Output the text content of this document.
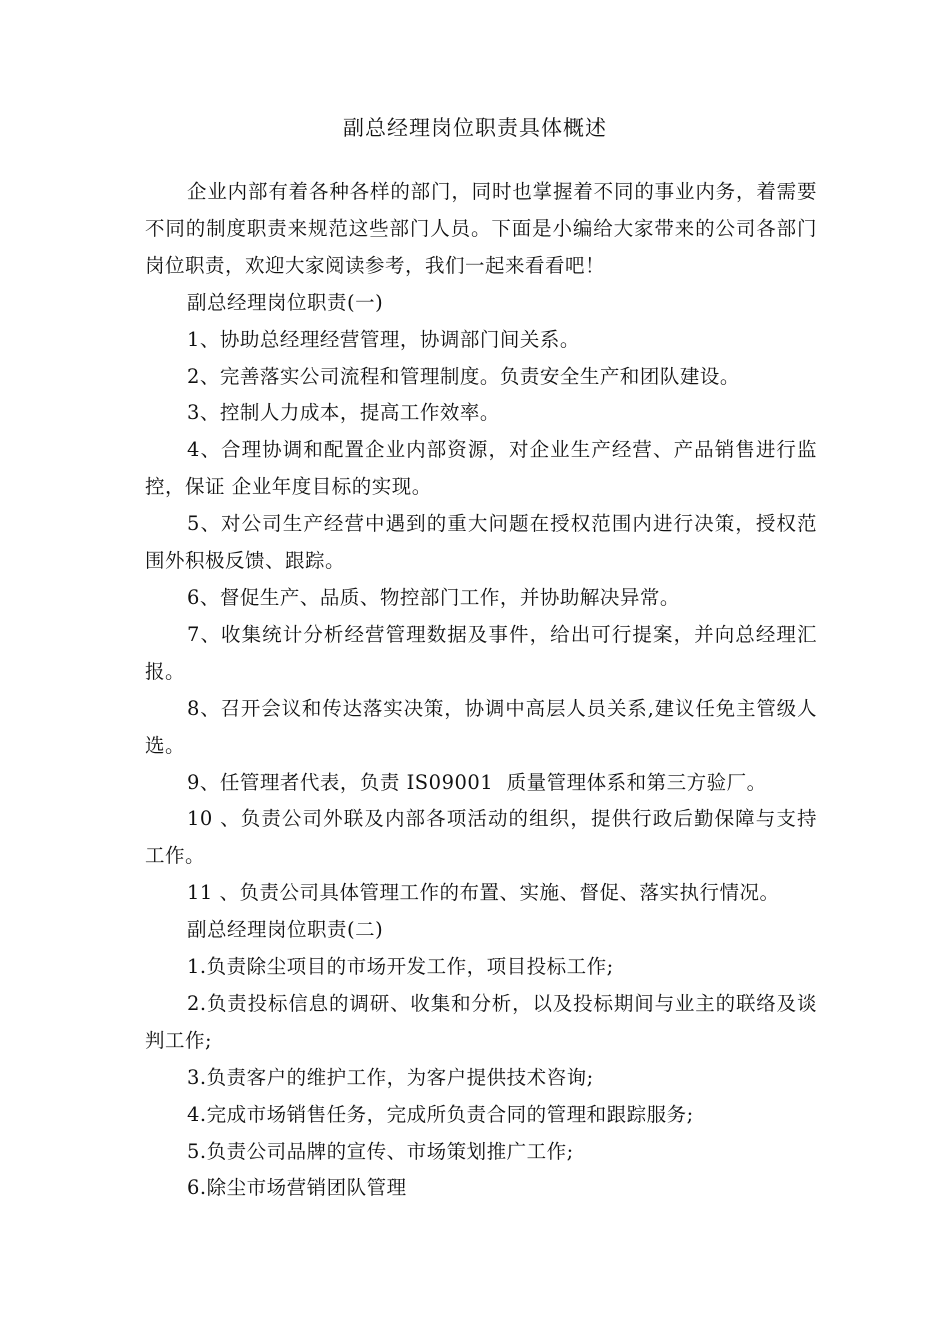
副总经理岗位职责具体概述

企业内部有着各种各样的部门，同时也掌握着不同的事业内务，着需要不同的制度职责来规范这些部门人员。下面是小编给大家带来的公司各部门岗位职责，欢迎大家阅读参考，我们一起来看看吧！

副总经理岗位职责(一)

1、协助总经理经营管理，协调部门间关系。

2、完善落实公司流程和管理制度。负责安全生产和团队建设。

3、控制人力成本，提高工作效率。

4、合理协调和配置企业内部资源，对企业生产经营、产品销售进行监控，保证 企业年度目标的实现。

5、对公司生产经营中遇到的重大问题在授权范围内进行决策，授权范围外积极反馈、跟踪。

6、督促生产、品质、物控部门工作，并协助解决异常。

7、收集统计分析经营管理数据及事件，给出可行提案，并向总经理汇报。

8、召开会议和传达落实决策，协调中高层人员关系,建议任免主管级人选。

9、任管理者代表，负责 IS09001  质量管理体系和第三方验厂。

10 、负责公司外联及内部各项活动的组织，提供行政后勤保障与支持工作。

11 、负责公司具体管理工作的布置、实施、督促、落实执行情况。

副总经理岗位职责(二)

1.负责除尘项目的市场开发工作，项目投标工作;

2.负责投标信息的调研、收集和分析，以及投标期间与业主的联络及谈判工作;

3.负责客户的维护工作，为客户提供技术咨询;

4.完成市场销售任务，完成所负责合同的管理和跟踪服务;

5.负责公司品牌的宣传、市场策划推广工作;

6.除尘市场营销团队管理
